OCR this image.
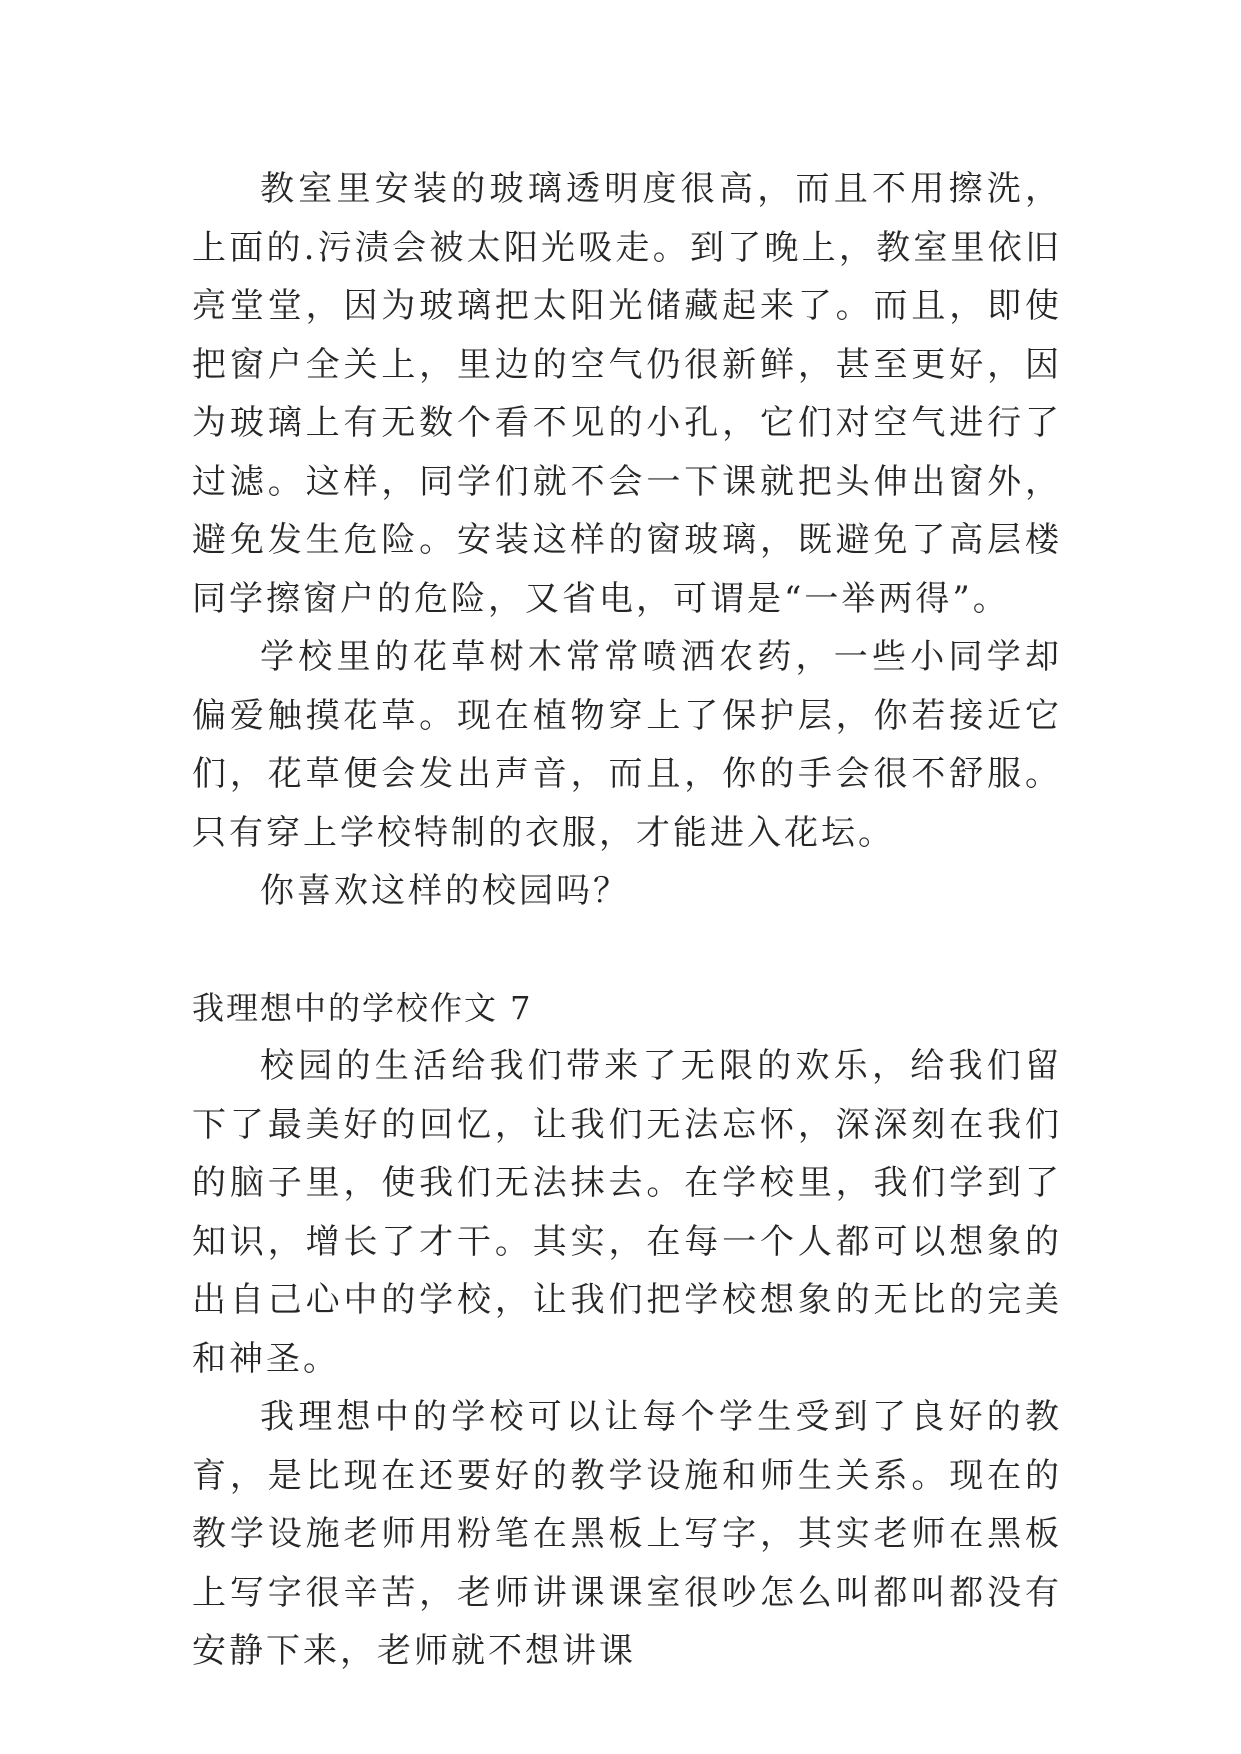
教室里安装的玻璃透明度很高，而且不用擦洗，上面的.污渍会被太阳光吸走。到了晚上，教室里依旧亮堂堂，因为玻璃把太阳光储藏起来了。而且，即使把窗户全关上，里边的空气仍很新鲜，甚至更好，因为玻璃上有无数个看不见的小孔，它们对空气进行了过滤。这样，同学们就不会一下课就把头伸出窗外，避免发生危险。安装这样的窗玻璃，既避免了高层楼同学擦窗户的危险，又省电，可谓是“一举两得”。

学校里的花草树木常常喷洒农药，一些小同学却偏爱触摸花草。现在植物穿上了保护层，你若接近它们，花草便会发出声音，而且，你的手会很不舒服。只有穿上学校特制的衣服，才能进入花坛。

你喜欢这样的校园吗？

我理想中的学校作文 7

校园的生活给我们带来了无限的欢乐，给我们留下了最美好的回忆，让我们无法忘怀，深深刻在我们的脑子里，使我们无法抹去。在学校里，我们学到了知识，增长了才干。其实，在每一个人都可以想象的出自己心中的学校，让我们把学校想象的无比的完美和神圣。

我理想中的学校可以让每个学生受到了良好的教育，是比现在还要好的教学设施和师生关系。现在的教学设施老师用粉笔在黑板上写字，其实老师在黑板上写字很辛苦，老师讲课课室很吵怎么叫都叫都没有安静下来，老师就不想讲课
